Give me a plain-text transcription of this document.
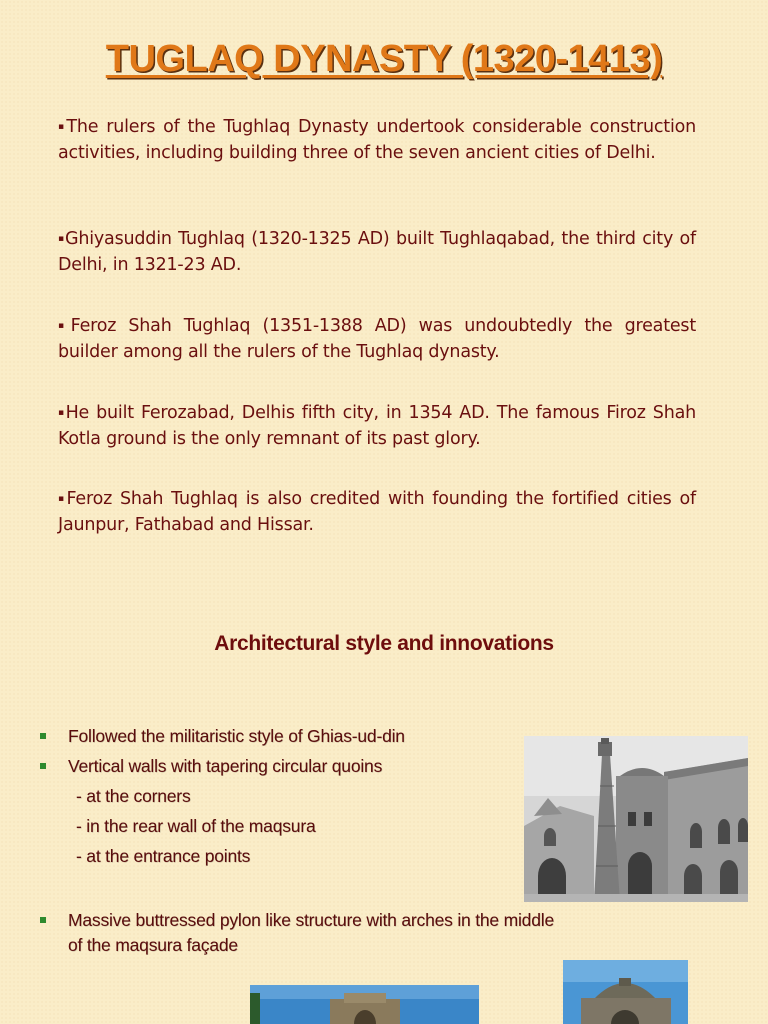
TUGLAQ DYNASTY (1320-1413)

▪The rulers of the Tughlaq Dynasty undertook considerable construction activities, including building three of the seven ancient cities of Delhi.

▪Ghiyasuddin Tughlaq (1320-1325 AD) built Tughlaqabad, the third city of Delhi, in 1321-23 AD.

▪Feroz Shah Tughlaq (1351-1388 AD) was undoubtedly the greatest builder among all the rulers of the Tughlaq dynasty.

▪He built Ferozabad, Delhis fifth city, in 1354 AD. The famous Firoz Shah Kotla ground is the only remnant of its past glory.

▪Feroz Shah Tughlaq is also credited with founding the fortified cities of Jaunpur, Fathabad and Hissar.

Architectural style and innovations
Followed the militaristic style of Ghias-ud-din
Vertical walls with tapering circular quoins
- at the corners
- in the rear wall of the maqsura
- at the entrance points
Massive buttressed pylon like structure with arches in the middle
of the maqsura façade
